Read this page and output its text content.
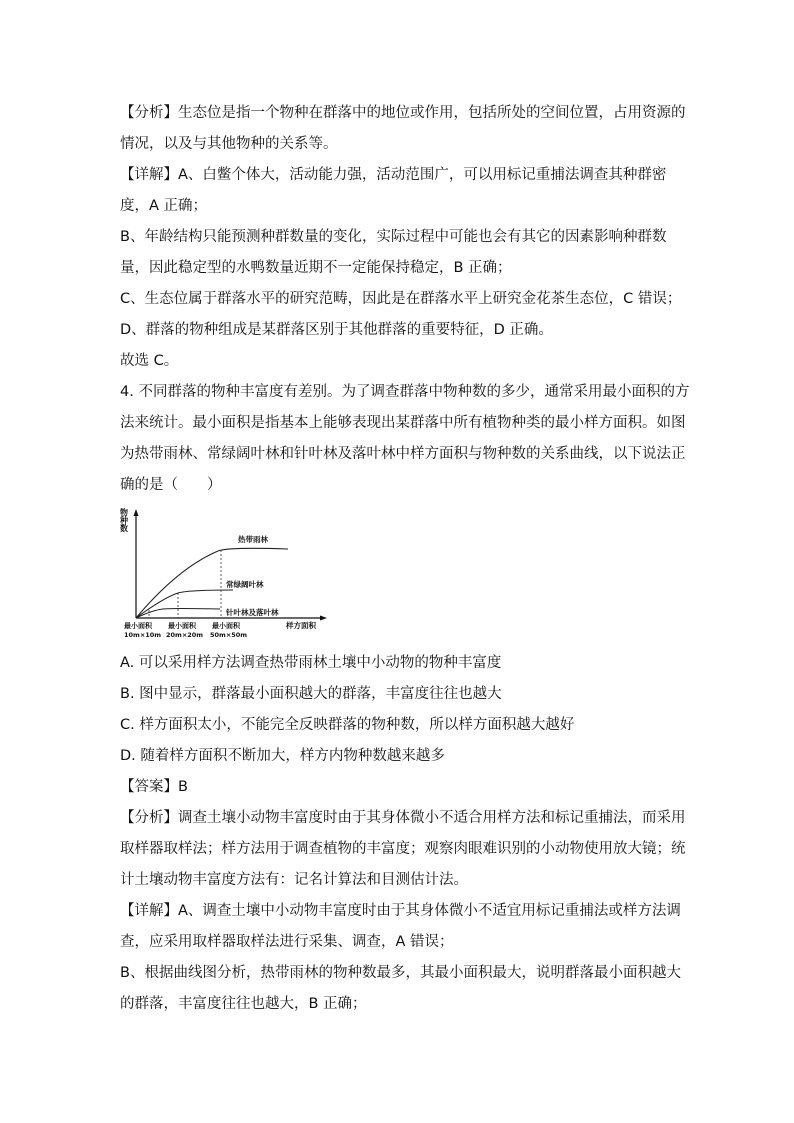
【分析】生态位是指一个物种在群落中的地位或作用，包括所处的空间位置，占用资源的
情况，以及与其他物种的关系等。
【详解】A、白鳖个体大，活动能力强，活动范围广，可以用标记重捕法调查其种群密
度，A 正确；
B、年龄结构只能预测种群数量的变化，实际过程中可能也会有其它的因素影响种群数
量，因此稳定型的水鸭数量近期不一定能保持稳定，B 正确；
C、生态位属于群落水平的研究范畴，因此是在群落水平上研究金花茶生态位，C 错误；
D、群落的物种组成是某群落区别于其他群落的重要特征，D 正确。
故选 C。
4. 不同群落的物种丰富度有差别。为了调查群落中物种数的多少，通常采用最小面积的方
法来统计。最小面积是指基本上能够表现出某群落中所有植物种类的最小样方面积。如图
为热带雨林、常绿阔叶林和针叶林及落叶林中样方面积与物种数的关系曲线，以下说法正
确的是（　　）
物种数
热带雨林
常绿阔叶林
针叶林及落叶林
最小面积
10m×10m
最小面积
20m×20m
最小面积
50m×50m
样方面积
A. 可以采用样方法调查热带雨林土壤中小动物的物种丰富度
B. 图中显示，群落最小面积越大的群落，丰富度往往也越大
C. 样方面积太小，不能完全反映群落的物种数，所以样方面积越大越好
D. 随着样方面积不断加大，样方内物种数越来越多
【答案】B
【分析】调查土壤小动物丰富度时由于其身体微小不适合用样方法和标记重捕法，而采用
取样器取样法；样方法用于调查植物的丰富度；观察肉眼难识别的小动物使用放大镜；统
计土壤动物丰富度方法有：记名计算法和目测估计法。
【详解】A、调查土壤中小动物丰富度时由于其身体微小不适宜用标记重捕法或样方法调
查，应采用取样器取样法进行采集、调查，A 错误；
B、根据曲线图分析，热带雨林的物种数最多，其最小面积最大，说明群落最小面积越大
的群落，丰富度往往也越大，B 正确；
